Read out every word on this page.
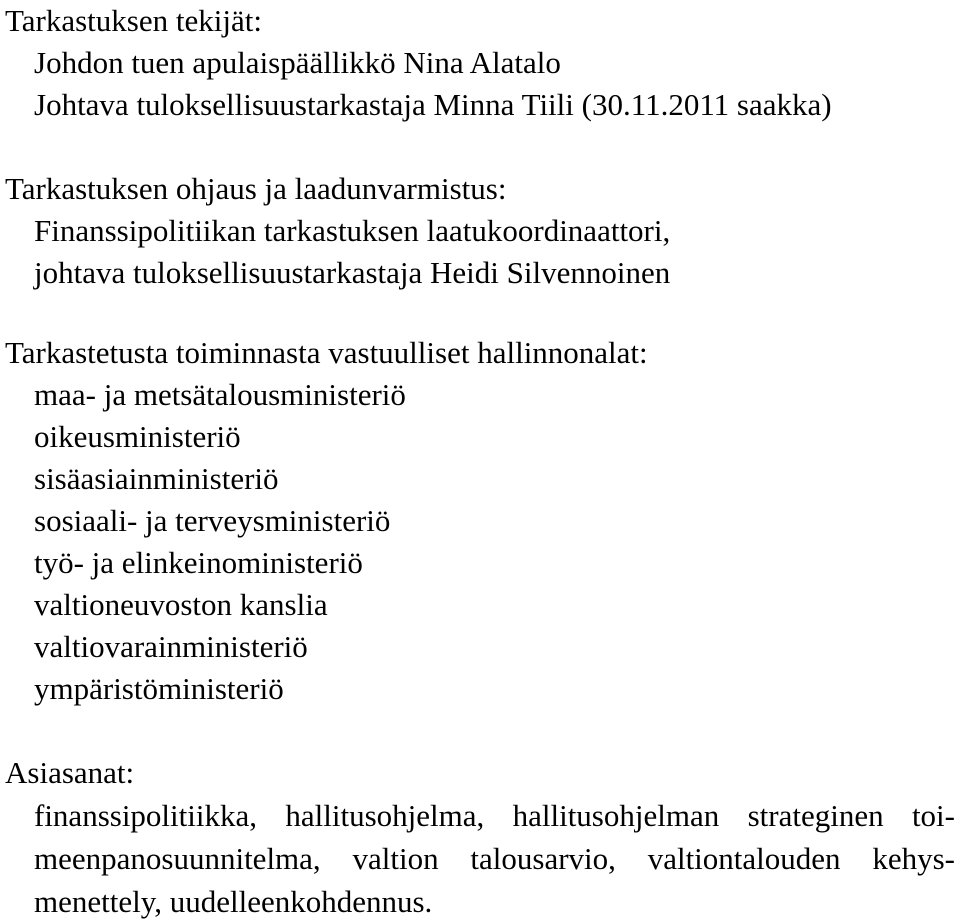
Tarkastuksen tekijät:
Johdon tuen apulaispäällikkö Nina Alatalo
Johtava tuloksellisuustarkastaja Minna Tiili (30.11.2011 saakka)
Tarkastuksen ohjaus ja laadunvarmistus:
Finanssipolitiikan tarkastuksen laatukoordinaattori,
johtava tuloksellisuustarkastaja Heidi Silvennoinen
Tarkastetusta toiminnasta vastuulliset hallinnonalat:
maa- ja metsätalousministeriö
oikeusministeriö
sisäasiainministeriö
sosiaali- ja terveysministeriö
työ- ja elinkeinoministeriö
valtioneuvoston kanslia
valtiovarainministeriö
ympäristöministeriö
Asiasanat:
finanssipolitiikka, hallitusohjelma, hallitusohjelman strateginen toi-
meenpanosuunnitelma, valtion talousarvio, valtiontalouden kehys-
menettely, uudelleenkohdennus.
